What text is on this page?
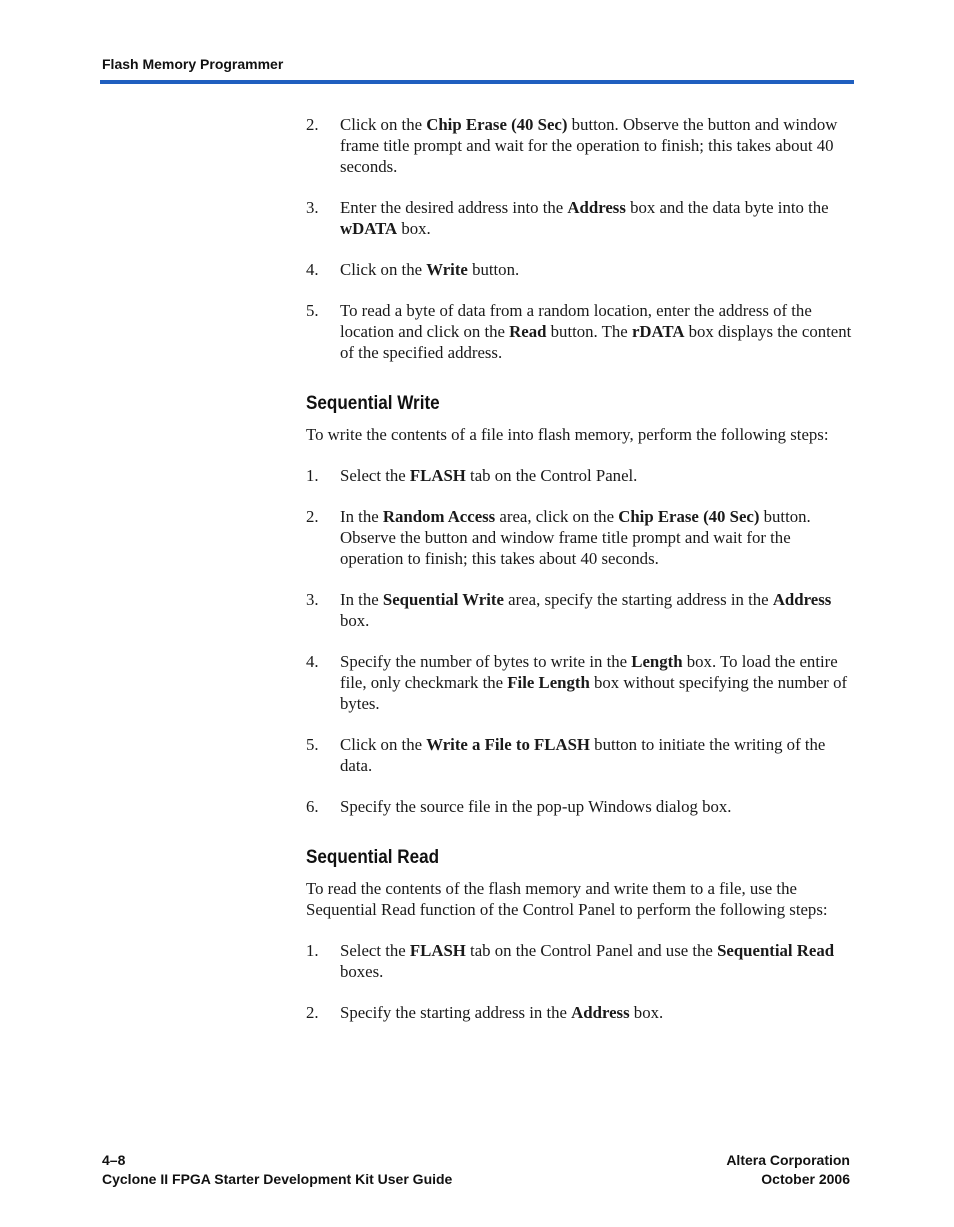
Flash Memory Programmer
2. Click on the Chip Erase (40 Sec) button. Observe the button and window frame title prompt and wait for the operation to finish; this takes about 40 seconds.
3. Enter the desired address into the Address box and the data byte into the wDATA box.
4. Click on the Write button.
5. To read a byte of data from a random location, enter the address of the location and click on the Read button. The rDATA box displays the content of the specified address.
Sequential Write

To write the contents of a file into flash memory, perform the following steps:

1. Select the FLASH tab on the Control Panel.
2. In the Random Access area, click on the Chip Erase (40 Sec) button. Observe the button and window frame title prompt and wait for the operation to finish; this takes about 40 seconds.
3. In the Sequential Write area, specify the starting address in the Address box.
4. Specify the number of bytes to write in the Length box. To load the entire file, only checkmark the File Length box without specifying the number of bytes.
5. Click on the Write a File to FLASH button to initiate the writing of the data.
6. Specify the source file in the pop-up Windows dialog box.
Sequential Read

To read the contents of the flash memory and write them to a file, use the Sequential Read function of the Control Panel to perform the following steps:

1. Select the FLASH tab on the Control Panel and use the Sequential Read boxes.
2. Specify the starting address in the Address box.
4–8
Cyclone II FPGA Starter Development Kit User Guide
Altera Corporation
October 2006
